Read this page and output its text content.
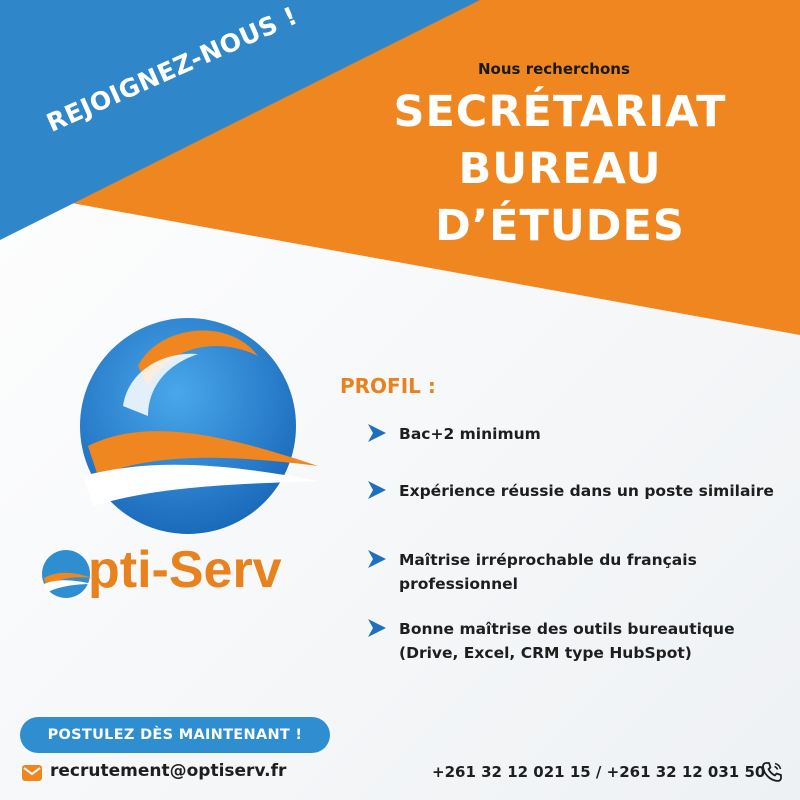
REJOIGNEZ-NOUS !	Nous recherchons
SECRÉTARIAT
BUREAU
D’ÉTUDES
pti-Serv
PROFIL :
Bac+2 minimum
Expérience réussie dans un poste similaire
Maîtrise irréprochable du français professionnel
Bonne maîtrise des outils bureautique (Drive, Excel, CRM type HubSpot)
POSTULEZ DÈS MAINTENANT !
recrutement@optiserv.fr	+261 32 12 021 15 / +261 32 12 031 50
